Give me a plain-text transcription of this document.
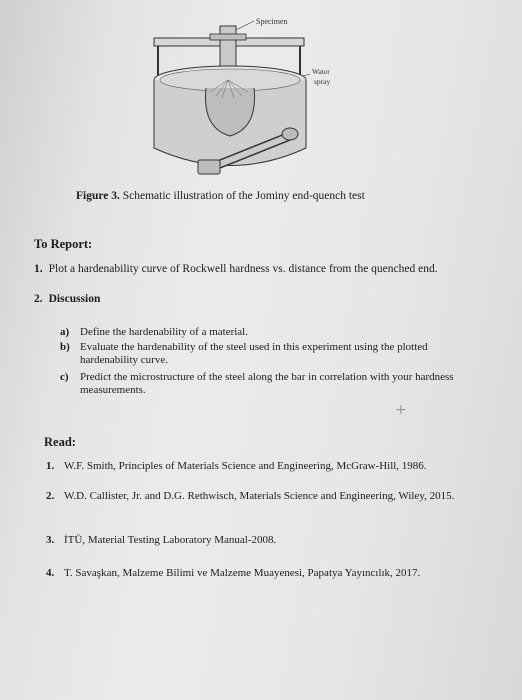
Specimen
Water
spray
Figure 3. Schematic illustration of the Jominy end-quench test
To Report:
1. Plot a hardenability curve of Rockwell hardness vs. distance from the quenched end.
2. Discussion
a) Define the hardenability of a material.
b) Evaluate the hardenability of the steel used in this experiment using the plotted hardenability curve.
c) Predict the microstructure of the steel along the bar in correlation with your hardness measurements.
+
Read:
1. W.F. Smith, Principles of Materials Science and Engineering, McGraw-Hill, 1986.
2. W.D. Callister, Jr. and D.G. Rethwisch, Materials Science and Engineering, Wiley, 2015.
3. İTÜ, Material Testing Laboratory Manual-2008.
4. T. Savaşkan, Malzeme Bilimi ve Malzeme Muayenesi, Papatya Yayıncılık, 2017.
